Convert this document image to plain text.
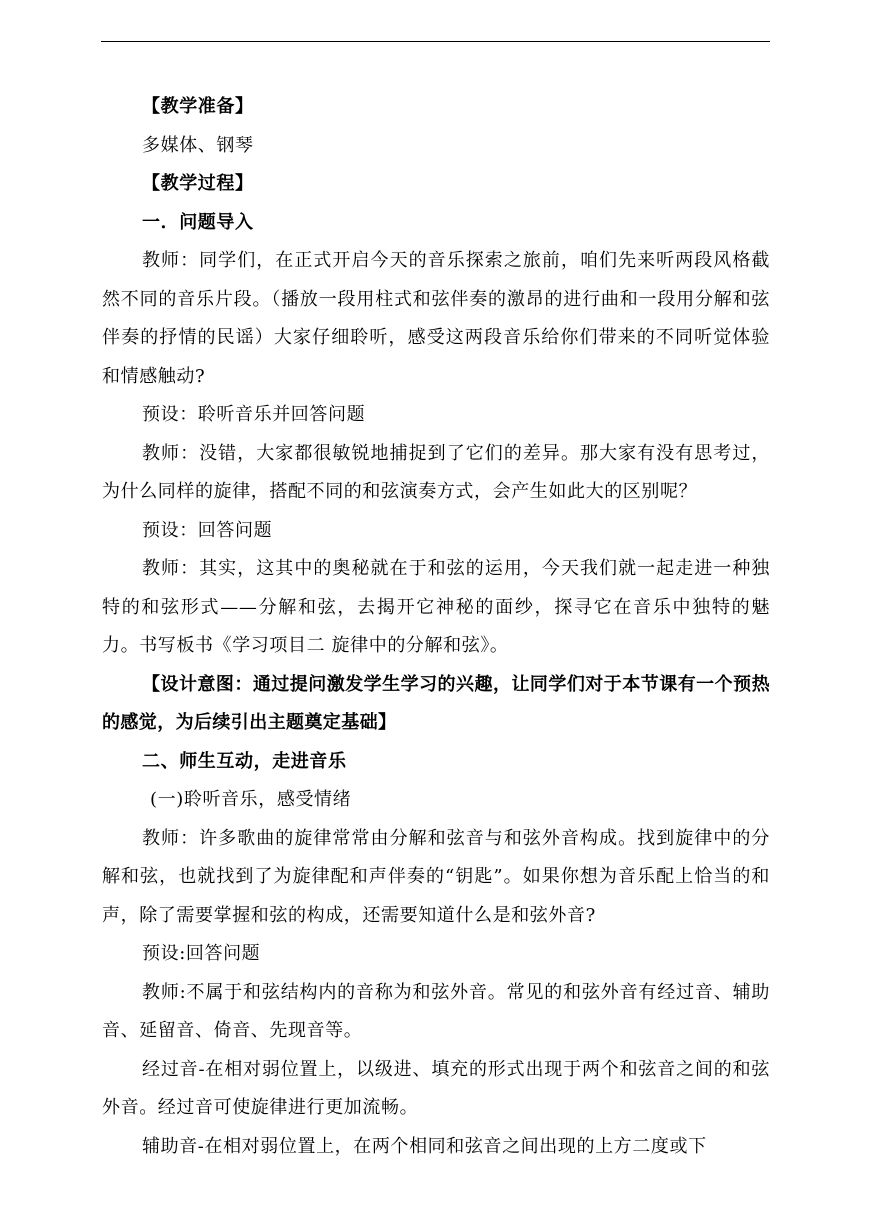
【教学准备】
多媒体、钢琴
【教学过程】
一．问题导入
教师：同学们，在正式开启今天的音乐探索之旅前，咱们先来听两段风格截然不同的音乐片段。（播放一段用柱式和弦伴奏的激昂的进行曲和一段用分解和弦伴奏的抒情的民谣）大家仔细聆听，感受这两段音乐给你们带来的不同听觉体验和情感触动?
预设：聆听音乐并回答问题
教师：没错，大家都很敏锐地捕捉到了它们的差异。那大家有没有思考过，为什么同样的旋律，搭配不同的和弦演奏方式，会产生如此大的区别呢？
预设：回答问题
教师：其实，这其中的奥秘就在于和弦的运用，今天我们就一起走进一种独特的和弦形式——分解和弦，去揭开它神秘的面纱，探寻它在音乐中独特的魅力。书写板书《学习项目二 旋律中的分解和弦》。
【设计意图：通过提问激发学生学习的兴趣，让同学们对于本节课有一个预热的感觉，为后续引出主题奠定基础】
二、师生互动，走进音乐
(一)聆听音乐，感受情绪
教师：许多歌曲的旋律常常由分解和弦音与和弦外音构成。找到旋律中的分解和弦，也就找到了为旋律配和声伴奏的“钥匙”。如果你想为音乐配上恰当的和声，除了需要掌握和弦的构成，还需要知道什么是和弦外音?
预设:回答问题
教师:不属于和弦结构内的音称为和弦外音。常见的和弦外音有经过音、辅助音、延留音、倚音、先现音等。
经过音-在相对弱位置上，以级进、填充的形式出现于两个和弦音之间的和弦外音。经过音可使旋律进行更加流畅。
辅助音-在相对弱位置上，在两个相同和弦音之间出现的上方二度或下
